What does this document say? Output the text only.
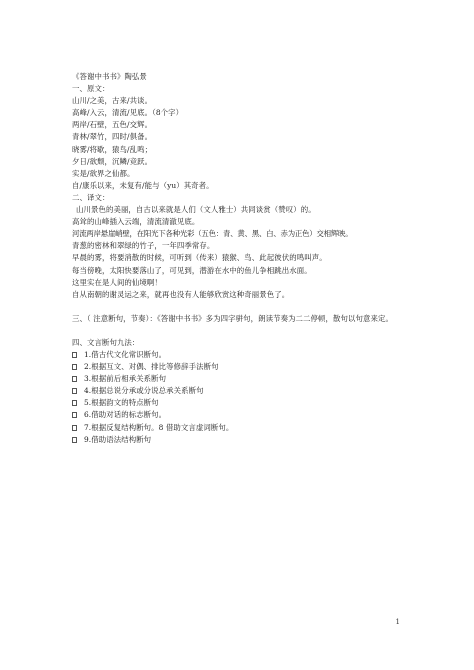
《答谢中书书》陶弘景
一、原文：
山川/之美，古来/共谈。
高峰/入云，清流/见底。（8个字）
两岸/石壁，五色/交辉。
青林/翠竹，四时/俱备。
晓雾/将歇，猿鸟/乱鸣；
夕日/欲颓，沉鳞/竞跃。
实是/欲界之仙都。
自/康乐以来，未复有/能与（yu）其奇者。
二、译文：
山川景色的美丽，自古以来就是人们（文人雅士）共同谈赏（赞叹）的。
高耸的山峰插入云端，清流清澈见底。
河流两岸悬崖峭壁，在阳光下各种光彩（五色：青、黄、黑、白、赤为正色）交相辉映。
青葱的密林和翠绿的竹子，一年四季常存。
早晨的雾，将要消散的时候，可听到（传来）猿猴、鸟、此起彼伏的鸣叫声。
每当傍晚，太阳快要落山了，可见到，潜游在水中的鱼儿争相跳出水面。
这里实在是人间的仙境啊！
自从南朝的谢灵运之来，就再也没有人能够欣赏这种奇丽景色了。
三、（ 注意断句，节奏）：《答谢中书书》多为四字骈句，朗读节奏为二二停顿，散句以句意来定。
四、文言断句九法：
1.借古代文化常识断句。
2.根据互文、对偶、排比等修辞手法断句
3.根据前后相承关系断句
4.根据总说分承或分说总承关系断句
5.根据韵文的特点断句
6.借助对话的标志断句。
7.根据反复结构断句。8 借助文言虚词断句。
9.借助语法结构断句
1
